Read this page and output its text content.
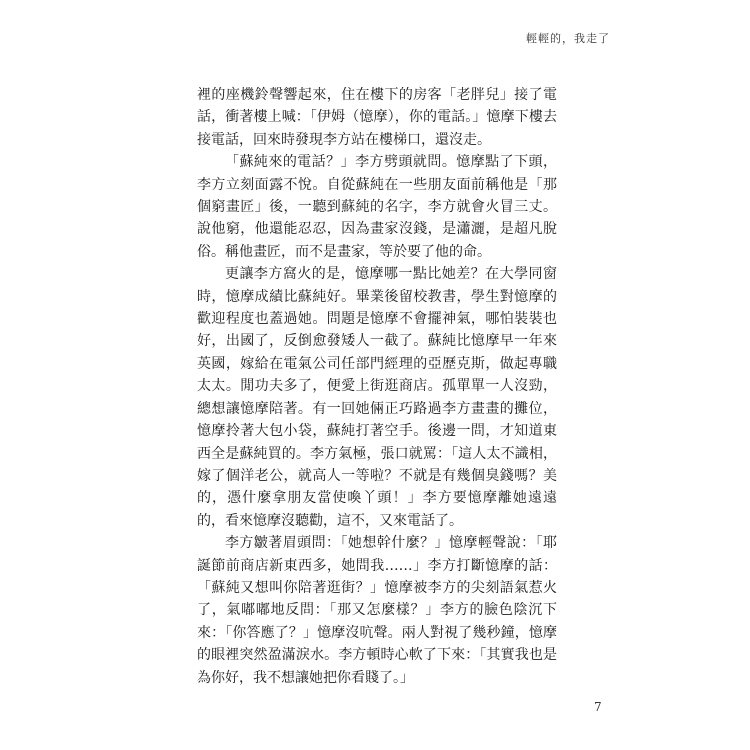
輕輕的，我走了

裡的座機鈴聲響起來，住在樓下的房客「老胖兒」接了電話，衝著樓上喊：「伊姆（憶摩），你的電話。」憶摩下樓去接電話，回來時發現李方站在樓梯口，還沒走。

「蘇純來的電話？」李方劈頭就問。憶摩點了下頭，李方立刻面露不悅。自從蘇純在一些朋友面前稱他是「那個窮畫匠」後，一聽到蘇純的名字，李方就會火冒三丈。說他窮，他還能忍忍，因為畫家沒錢，是瀟灑，是超凡脫俗。稱他畫匠，而不是畫家，等於要了他的命。

更讓李方窩火的是，憶摩哪一點比她差？在大學同窗時，憶摩成績比蘇純好。畢業後留校教書，學生對憶摩的歡迎程度也蓋過她。問題是憶摩不會擺神氣，哪怕裝裝也好，出國了，反倒愈發矮人一截了。蘇純比憶摩早一年來英國，嫁給在電氣公司任部門經理的亞歷克斯，做起專職太太。閒功夫多了，便愛上街逛商店。孤單單一人沒勁，總想讓憶摩陪著。有一回她倆正巧路過李方畫畫的攤位，憶摩拎著大包小袋，蘇純打著空手。後邊一問，才知道東西全是蘇純買的。李方氣極，張口就罵：「這人太不識相，嫁了個洋老公，就高人一等啦？不就是有幾個臭錢嗎？美的，憑什麼拿朋友當使喚丫頭！」李方要憶摩離她遠遠的，看來憶摩沒聽勸，這不，又來電話了。

李方皺著眉頭問：「她想幹什麼？」憶摩輕聲說：「耶誕節前商店新東西多，她問我……」李方打斷憶摩的話：「蘇純又想叫你陪著逛街？」憶摩被李方的尖刻語氣惹火了，氣嘟嘟地反問：「那又怎麼樣？」李方的臉色陰沉下來：「你答應了？」憶摩沒吭聲。兩人對視了幾秒鐘，憶摩的眼裡突然盈滿淚水。李方頓時心軟了下來：「其實我也是為你好，我不想讓她把你看賤了。」

7
